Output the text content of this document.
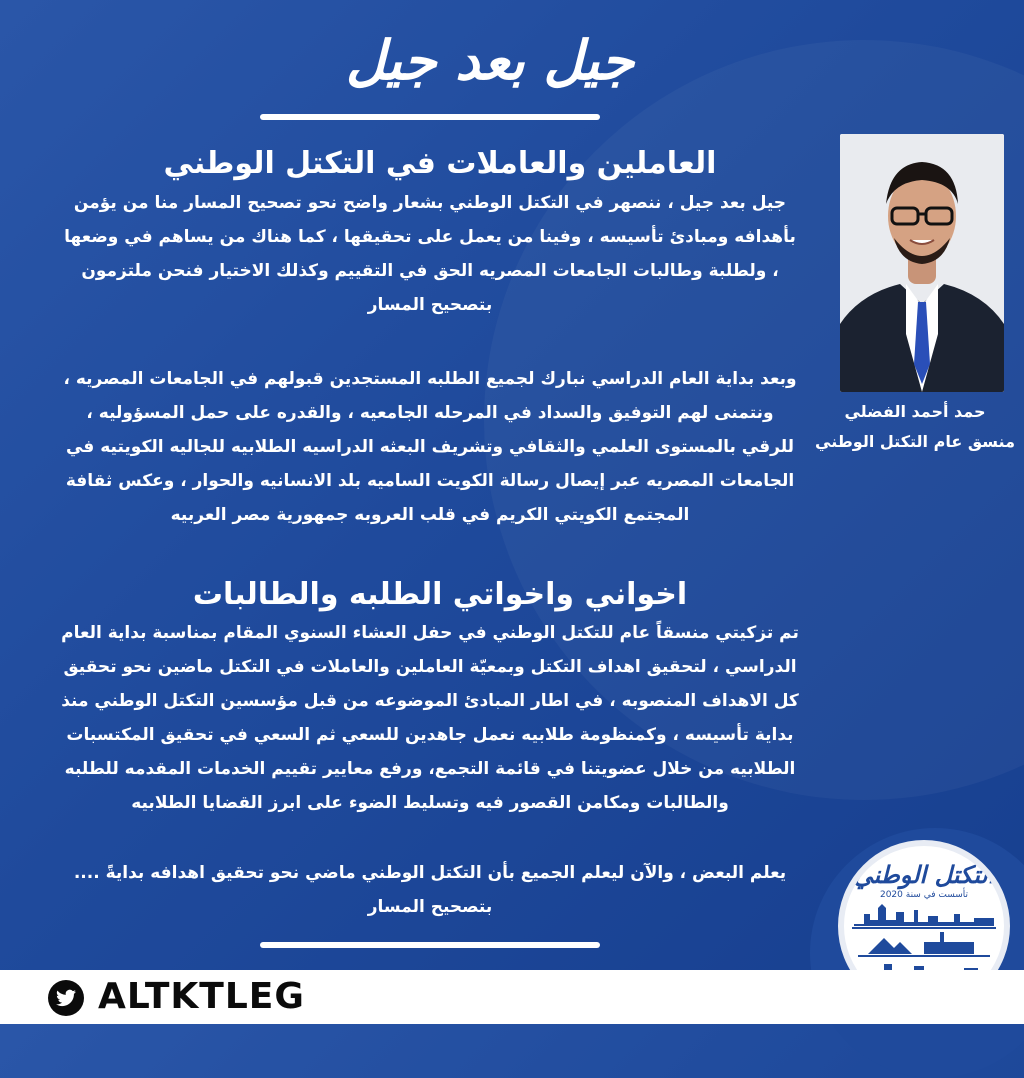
جيل بعد جيل
العاملين والعاملات في التكتل الوطني
جيل بعد جيل ، ننصهر في التكتل الوطني بشعار واضح نحو تصحيح المسار منا من يؤمن بأهدافه ومبادئ تأسيسه ، وفينا من يعمل على تحقيقها ، كما هناك من يساهم في وضعها ، ولطلبة وطالبات الجامعات المصريه الحق في التقييم وكذلك الاختيار فنحن ملتزمون بتصحيح المسار
وبعد بداية العام الدراسي نبارك لجميع الطلبه المستجدين قبولهم في الجامعات المصريه ، ونتمنى لهم التوفيق والسداد في المرحله الجامعيه ، والقدره على حمل المسؤوليه ، للرقي بالمستوى العلمي والثقافي وتشريف البعثه الدراسيه الطلابيه للجاليه الكويتيه في الجامعات المصريه عبر إيصال رسالة الكويت الساميه بلد الانسانيه والحوار ، وعكس ثقافة المجتمع الكويتي الكريم في قلب العروبه جمهورية مصر العربيه
اخواني واخواتي الطلبه والطالبات
تم تزكيتي منسقاً عام للتكتل الوطني في حفل العشاء السنوي المقام بمناسبة بداية العام الدراسي ، لتحقيق اهداف التكتل وبمعيّة العاملين والعاملات في التكتل ماضين نحو تحقيق كل الاهداف المنصوبه ، في اطار المبادئ الموضوعه من قبل مؤسسين التكتل الوطني منذ بداية تأسيسه ، وكمنظومة طلابيه نعمل جاهدين للسعي ثم السعي في تحقيق المكتسبات الطلابيه من خلال عضويتنا في قائمة التجمع، ورفع معايير تقييم الخدمات المقدمه للطلبه والطالبات ومكامن القصور فيه وتسليط الضوء على ابرز القضايا الطلابيه
يعلم البعض ، والآن ليعلم الجميع بأن التكتل الوطني ماضي نحو تحقيق اهدافه بدايةً .... بتصحيح المسار
حمد أحمد الفضلي
منسق عام التكتل الوطني
التكتل الوطني
تأسست في سنة 2020
ALTKTLEG
